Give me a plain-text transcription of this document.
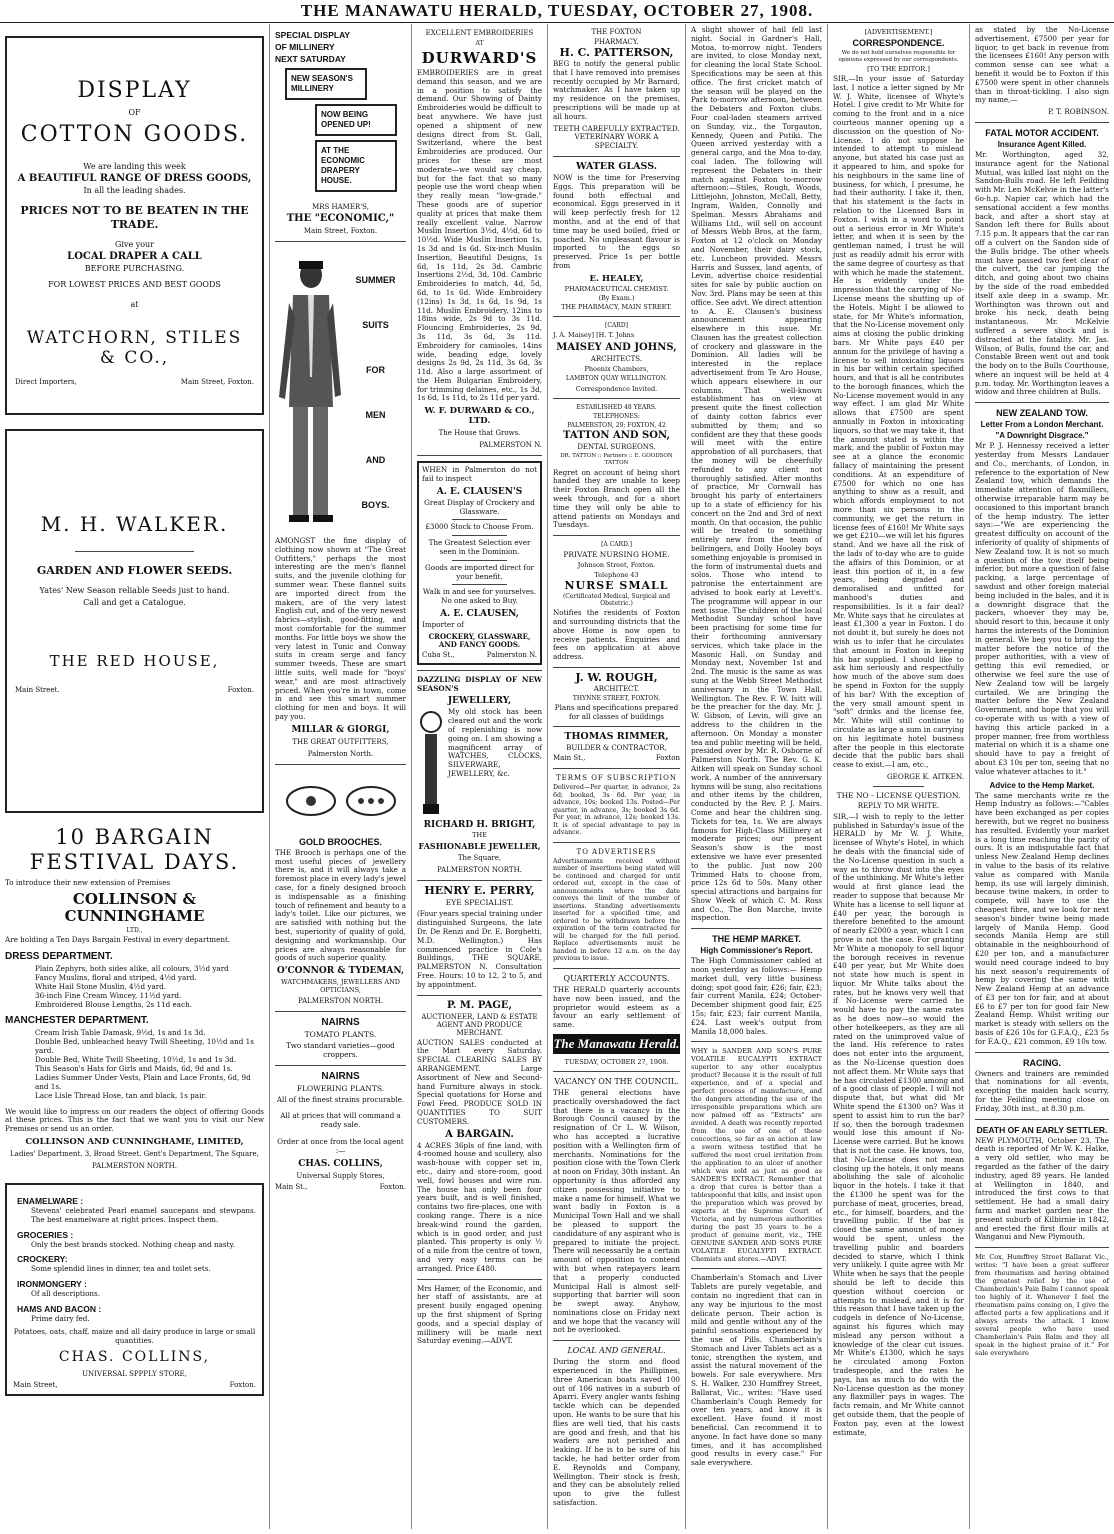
THE MANAWATU HERALD, TUESDAY, OCTOBER 27, 1908.
DISPLAY
OF
COTTON GOODS.
We are landing this week
A BEAUTIFUL RANGE OF DRESS GOODS,
In all the leading shades.
PRICES NOT TO BE BEATEN IN THE TRADE.
Give your
LOCAL DRAPER A CALL
BEFORE PURCHASING.
FOR LOWEST PRICES AND BEST GOODS
at
WATCHORN, STILES & CO.,
Direct Importers,	Main Street, Foxton.
M. H. WALKER.
GARDEN AND FLOWER SEEDS.
Yates' New Season reliable Seeds just to hand.
Call and get a Catalogue.
THE RED HOUSE,
Main Street.	Foxton.
10 BARGAIN FESTIVAL DAYS.
To introduce their new extension of Premises
COLLINSON & CUNNINGHAME
LTD.,
Are holding a Ten Days Bargain Festival in every department.
DRESS DEPARTMENT.
Plain Zephyrs, both sides alike, all colours, 3½d yard
Fancy Muslins, floral and striped, 4½d yard.
White Hail Stone Muslin, 4½d yard.
36-inch Fine Cream Wincey, 11½d yard.
Embroidered Blouse Lengths, 2s 11d each.
MANCHESTER DEPARTMENT.
Cream Irish Table Damask, 9½d, 1s and 1s 3d.
Double Bed, unbleached heavy Twill Sheeting, 10½d and 1s yard.
Double Bed, White Twill Sheeting, 10½d, 1s and 1s 3d.
This Season's Hats for Girls and Maids, 6d, 9d and 1s.
Ladies Summer Under Vests, Plain and Lace Fronts, 6d, 9d and 1s.
Lace Lisle Thread Hose, tan and black, 1s pair.
We would like to impress on our readers the object of offering Goods at these prices. This is the fact that we want you to visit our New Premises or send us an order.
COLLINSON AND CUNNINGHAME, LIMITED,
Ladies' Department, 3, Broad Street. Gent's Department, The Square,
PALMERSTON NORTH.
ENAMELWARE :
Stevens' celebrated Pearl enamel saucepans and stewpans. The best enamelware at right prices. Inspect them.
GROCERIES :
Only the best brands stocked. Nothing cheap and nasty.
CROCKERY:
Some splendid lines in dinner, tea and toilet sets.
IRONMONGERY :
Of all descriptions.
HAMS AND BACON :
Prime dairy fed.
Potatoes, oats, chaff, maize and all dairy produce in large or small quantities.
CHAS. COLLINS,
UNIVERSAL SPPPLY STORE,
Main Street,	Foxton.
SPECIAL DISPLAY
OF MILLINERY
NEXT SATURDAY
NEW SEASON'S MILLINERY
NOW BEING OPENED UP!
AT THE ECONOMIC DRAPERY HOUSE.
MRS HAMER'S,
THE "ECONOMIC,"
Main Street, Foxton.
SUMMER
SUITS
FOR
MEN
AND
BOYS.
AMONGST the fine display of clothing now shown at "The Great Outfitters," perhaps the most interesting are the men's flannel suits, and the juvenile clothing for summer wear. These flannel suits are imported direct from the makers, are of the very latest English cut, and of the very newest fabrics—stylish, good-fitting, and most comfortable for the summer months. For little boys we show the very latest in Tunic and Conway suits in cream serge and fancy summer tweeds. These are smart little suits, well made for "boys' wear," and are most attractively priced. When you're in town, come in and see this smart summer clothing for men and boys. It will pay you.
MILLAR & GIORGI,
THE GREAT OUTFITTERS,
Palmerston North.
GOLD BROOCHES.
THE Brooch is perhaps one of the most useful pieces of jewellery there is, and it will always take a foremost place in every lady's jewel case, for a finely designed brooch is indispensable as a finishing touch of refinement and beauty to a lady's toilet. Like our pictures, we are satisfied with nothing but the best, superiority of quality of gold, designing and workmanship. Our prices are always reasonable for goods of such superior quality.
O'CONNOR & TYDEMAN,
WATCHMAKERS, JEWELLERS AND OPTICIANS,
PALMERSTON NORTH.
NAIRNS
TOMATO PLANTS.
Two standard varieties—good croppers.
NAIRNS
FLOWERING PLANTS.
All of the finest strains procurable.
All at prices that will command a ready sale.
Order at once from the local agent :—
CHAS. COLLINS,
Universal Supply Stores,
Main St.,	Foxton.
EXCELLENT EMBROIDERIES
AT
DURWARD'S
EMBROIDERIES are in great demand this season, and we are in a position to satisfy the demand. Our Showing of Dainty Embroideries would be difficult to beat anywhere. We have just opened a shipment of new designs direct from St. Gall, Switzerland, where the best Embroideries are produced. Our prices for these are most moderate—we would say cheap, but for the fact that so many people use the word cheap when they really mean "low-grade." These goods are of superior quality at prices that make them really excellent value. Narrow Muslin Insertion 3½d, 4½d, 6d to 10½d. Wide Muslin Insertion 1s, 1s 3d and 1s 6d. Six-inch Muslin Insertion, Beautiful Designs, 1s 6d, 1s 11d, 2s 3d. Cambric Insertions 2½d, 3d, 10d. Cambric Embroideries to match, 4d, 5d, 6d, to 1s 6d. Wide Embroidery (12ins) 1s 3d, 1s 6d, 1s 9d, 1s 11d. Muslin Embroidery, 12ins to 18ins wide, 2s 9d to 3s 11d. Flouncing Embroideries, 2s 9d, 3s 11d, 3s 6d, 3s 11d. Embroidery for camisoles, 14ins wide, beading edge, lovely designs 2s 9d, 2s 11d, 3s 6d, 3s 11d. Also a large assortment of the Hem Bulgarian Embroidery, for trimming delaines, etc., 1s 3d, 1s 6d, 1s 11d, to 2s 11d per yard.
W. F. DURWARD & CO., LTD.
The House that Grows.
PALMERSTON N.
WHEN in Palmerston do not fail to inspect
A. E. CLAUSEN'S
Great Display of Crockery and Glassware.
£3000 Stock to Choose From.
The Greatest Selection ever seen in the Dominion.
Goods are imported direct for your benefit.
Walk in and see for yourselves. No one asked to Buy.
A. E. CLAUSEN,
Importer of
CROCKERY, GLASSWARE, AND FANCY GOODS.
Cuba St.,	Palmerston N.
DAZZLING DISPLAY OF NEW SEASON'S
JEWELLERY,
My old stock has been cleared out and the work of replenishing is now going on. I am showing a magnificent array of WATCHES, CLOCKS, SILVERWARE, JEWELLERY, &c.
RICHARD H. BRIGHT,
THE
FASHIONABLE JEWELLER,
The Square,
PALMERSTON NORTH.
HENRY E. PERRY,
EYE SPECIALIST.
(Four years special training under distinguished Surgeons, the late Dr. De Renzi and Dr. E. Borghetti, M.D. Wellington.) Has commenced practice in Cole's Buildings, THE SQUARE, PALMERSTON N. Consultation Free. Hours: 10 to 12, 2 to 5, and by appointment.
P. M. PAGE,
AUCTIONEER, LAND & ESTATE AGENT AND PRODUCE MERCHANT.
AUCTION SALES conducted at the Mart every Saturday. SPECIAL CLEARING SALES BY ARRANGEMENT. Large Assortment of New and Second-hand Furniture always in stock. Special quotations for Horse and Fowl Feed. PRODUCE SOLD IN QUANTITIES TO SUIT CUSTOMERS.
A BARGAIN.
4 ACRES 36pls of fine land, with 4-roomed house and scullery, also wash-house with copper set in, etc., dairy and store-room, good well, fowl houses and wire run. The house has only been four years built, and is well finished, contains two fire-places, one with cooking range. There is a nice break-wind round the garden, which is in good order, and just planted. This property is only ½ of a mile from the centre of town, and very easy terms can be arranged. Price £480.
Mrs Hamer, of the Economic, and her staff of assistants, are at present busily engaged opening up the first shipment of Spring goods, and a special display of millinery will be made next Saturday evening.—ADVT.
THE FOXTON
PHARMACY.
H. C. PATTERSON,
BEG to notify the general public that I have removed into premises recently occupied by Mr Barnard, watchmaker. As I have taken up my residence on the premises, prescriptions will be made up at all hours.
TEETH CAREFULLY EXTRACTED. VETERINARY WORK A SPECIALTY.
WATER GLASS.
NOW is the time for Preserving Eggs. This preparation will be found both effectual and economical. Eggs preserved in it will keep perfectly fresh for 12 months, and at the end of that time may be used boiled, fried or poached. No unpleasant flavour is imported to the eggs so preserved. Price 1s per bottle from
E. HEALEY,
PHARMACEUTICAL CHEMIST.
(By Exam.)
THE PHARMACY, MAIN STREET.
[CARD]
J. A. Maisey] [H. T. Johns
MAISEY AND JOHNS,
ARCHITECTS.
Phoenix Chambers,
LAMBTON QUAY WELLINGTON.
Correspondence Invited.
ESTABLISHED 48 YEARS.
TELEPHONES:
PALMERSTON, 29; FOXTON, 42
TATTON AND SON,
DENTAL SURGEONS.
DR. TATTON :: Partners :: E. GOODSON TATTON
Regret on account of being short handed they are unable to keep their Foxton Branch open all the week through, and for a short time they will only be able to attend patients on Mondays and Tuesdays.
[A CARD.]
PRIVATE NURSING HOME.
Johnson Street, Foxton.
Telephone 43
NURSE SMALL
(Certificated Medical, Surgical and Obstetric.)
Notifies the residents of Foxton and surrounding districts that the above Home is now open to receive patients. Enquiries and fees on application at above address.
J. W. ROUGH,
ARCHITECT.
THYNNE STREET, FOXTON.
Plans and specifications prepared for all classes of buildings
THOMAS RIMMER,
BUILDER & CONTRACTOR,
Main St.,	Foxton
TERMS OF SUBSCRIPTION
Delivered—Per quarter, in advance, 2s 6d; booked, 3s 6d. Per year, in advance, 10s; booked 13s. Posted—Per quarter, in advance, 3s; booked 3s 6d. Per year, in advance, 12s; booked 13s. It is of special advantage to pay in advance.
TO ADVERTISERS
Advertisements received without number of insertions being stated will be continued and charged for until ordered out, except in the case of announcements where the date conveys the limit of the number of insertions. Standing advertisements inserted for a specified time, and ordered to be withdrawn before the expiration of the term contracted for will be charged for the full period. Replace advertisements must be handed in before 12 a.m. on the day previous to issue.
QUARTERLY ACCOUNTS.
THE HERALD quarterly accounts have now been issued, and the proprietor would esteem as a favour an early settlement of same.
The Manawatu Herald.
TUESDAY, OCTOBER 27, 1908.
VACANCY ON THE COUNCIL.
THE general elections have practically overshadowed the fact that there is a vacancy in the Borough Council caused by the resignation of Cr L. W. Wilson, who has accepted a lucrative position with a Wellington firm of merchants. Nominations for the position close with the Town Clerk at noon on Friday, 30th instant. An opportunity is thus afforded any citizen possessing initiative to make a name for himself. What we want badly in Foxton is a Municipal Town Hall and we shall be pleased to support the candidature of any aspirant who is prepared to initiate the project. There will necessarily be a certain amount of opposition to contend with but when ratepayers learn that a properly conducted Municipal Hall is almost self-supporting that barrier will soon be swept away. Anyhow, nominations close on Friday next and we hope that the vacancy will not be overlooked.
LOCAL AND GENERAL.
During the storm and flood experienced in the Phillipines, three American boats saved 100 out of 106 natives in a suburb of Aparri. Every angler wants fishing tackle which can be depended upon. He wants to be sure that his flies are well tied, that his casts are good and fresh, and that his waders are not perished and leaking. If he is to be sure of his tackle, he had better order from E. Reynolds and Company, Wellington. Their stock is fresh, and they can be absolutely relied upon to give the fullest satisfaction.
A slight shower of hail fell last night. Social in Gardner's Hall, Motoa, to-morrow night. Tenders are invited, to close Monday next, for cleaning the local State School. Specifications may be seen at this office. The first cricket match of the season will be played on the Park to-morrow afternoon, between the Debaters and Foxton clubs. Four coal-laden steamers arrived on Sunday, viz., the Torgauton, Kennedy, Queen and Putiki. The Queen arrived yesterday with a general cargo, and the Moa to-day, coal laden. The following will represent the Debaters in their match against Foxton to-morrow afternoon:—Stiles, Rough, Woods, Littlejohn, Johnston, McCall, Betty, Ingram, Walden, Connolly and Spelman. Messrs Abrahams and Williams Ltd., will sell on account of Messrs Webb Bros, at the farm, Foxton at 12 o'clock on Monday and November, their dairy stock, etc. Luncheon provided. Messrs Harris and Sussex, land agents, of Levin, advertise choice residential sites for sale by public auction on Nov. 3rd. Plans may be seen at this office. See advt. We direct attention to A. E. Clausen's business announcement appearing elsewhere in this issue. Mr. Clausen has the greatest collection of crockery and glassware in the Dominion. All ladies will be interested in the replace advertisement from Te Aro House, which appears elsewhere in our columns. That well-known establishment has on view at present quite the finest collection of dainty cotton fabrics ever submitted by them; and so confident are they that these goods will meet with the entire approbation of all purchasers, that the money will be cheerfully refunded to any client not thoroughly satisfied. After months of practice, Mr Cornwall has brought his party of entertainers up to a state of efficiency for his concert on the 2nd and 3rd of next month. On that occasion, the public will be treated to something entirely new from the team of bellringers, and Dolly Hooley boys something enjoyable is promised in the form of instrumental duets and solos. Those who intend to patronise the entertainment are advised to book early at Levett's. The programme will appear in our next issue. The children of the local Methodist Sunday school have been practising for some time for their forthcoming anniversary services, which take place in the Masonic Hall, on Sunday and Monday next, November 1st and 2nd. The music is the same as was sung at the Webb Street Methodist anniversary in the Town Hall, Wellington. The Rev. F. W. Isitt will be the preacher for the day. Mr. J. W. Gibson, of Levin, will give an address to the children in the afternoon. On Monday a monster tea and public meeting will be held, presided over by Mr. R. Osborne of Palmerston North. The Rev. G. K. Aitken will speak on Sunday school work. A number of the anniversary hymns will be sung, also recitations and other items by the children, conducted by the Rev. P. J. Mairs. Come and hear the children sing. Tickets for tea, 1s. We are always famous for High-Class Millinery at moderate prices; our present Season's show is the most extensive we have ever presented to the public. Just now 200 Trimmed Hats to choose from, price 12s 6d to 50s. Many other special attractions and bargains for Show Week of which C. M. Ross and Co., The Bon Marche, invite inspection.
THE HEMP MARKET.
High Commissioner's Report.
The High Commissioner cabled at noon yesterday as follows:— Hemp market dull, very little business doing; spot good fair, £26; fair, £23; fair current Manila, £24; October-December shipment good fair, £25 15s; fair, £23; fair current Manila, £24. Last week's output from Manila 18,000 bales.
WHY is SANDER AND SON'S PURE VOLATILE EUCALYPTI EXTRACT superior to any other eucalyptus product? Because it is the result of full experience, and of a special and perfect process of manufacture, and the dangers attending the use of the irresponsible preparations which are now palmed off as "Extracts" are avoided. A death was recently reported from the use of one of these concoctions, so far as an action at law a sworn witness testified that he suffered the most cruel irritation from the application to an ulcer of another which was sold as just as good as SANDER'S EXTRACT. Remember that a drop that cures is better than a tablespoonful that kills, and insist upon the preparation which was proved by experts at the Supreme Court of Victoria, and by numerous authorities during the past 35 years to be a product of genuine merit, viz., THE GENUINE SANDER AND SONS PURE VOLATILE EUCALYPTI EXTRACT. Chemists and stores.—ADVT.
Chamberlain's Stomach and Liver Tablets are purely vegetable, and contain no ingredient that can in any way be injurious to the most delicate person. Their action is mild and gentle without any of the painful sensations experienced by the use of Pills. Chamberlain's Stomach and Liver Tablets act as a tonic, strengthen the system, and assist the natural movement of the bowels. For sale everywhere. Mrs S. H. Walker, 230 Humffrey Street, Ballarat, Vic., writes: "Have used Chamberlain's Cough Remedy for over ten years, and know it is excellent. Have found it most beneficial. Can recommend it to anyone. In fact have done so many times, and it has accomplished good results in every case." For sale everywhere.
[ADVERTISEMENT.]
CORRESPONDENCE.
We do not hold ourselves responsible for opinions expressed by our correspondents.
[TO THE EDITOR.]
SIR,—In your issue of Saturday last, I notice a letter signed by Mr W. J. White, licensee of Whyte's Hotel. I give credit to Mr White for coming to the front and in a nice courteous manner opening up a discussion on the question of No-License. I do not suppose he intended to attempt to mislead anyone, but stated his case just as it appeared to him, and spoke for his neighbours in the same line of business, for which, I presume, he had their authority. I take it, then, that his statement is the facts in relation to the Licensed Bars in Foxton. I wish in a word to point out a serious error in Mr White's letter, and when it is seen by the gentleman named, I trust he will just as readily admit his error with the same degree of courtesy as that with which he made the statement. He is evidently under the impression that the carrying of No-License means the shutting up of the Hotels. Might I be allowed to state, for Mr White's information, that the No-License movement only aims at closing the public drinking bars. Mr White pays £40 per annum for the privilege of having a license to sell intoxicating liquors in his bar within certain specified hours, and that is all he contributes to the borough finances, which the No-License movement would in any way effect. I am glad Mr White allows that £7500 are spent annually in Foxton in intoxicating liquors, so that we may take it, that the amount stated is within the mark, and the public of Foxton may see at a glance the economic fallacy of maintaining the present conditions. At an expenditure of £7500 for which no one has anything to show as a result, and which affords employment to not more than six persons in the community, we get the return in license fees of £160! Mr White says we get £210—we will let his figures stand. And we have all the risk of the lads of to-day who are to guide the affairs of this Dominion, or at least this portion of it, in a few years, being degraded and demoralised and unfitted for manhood's duties and responsibilities. Is it a fair deal? Mr. White says that he circulates at least £1,300 a year in Foxton. I do not doubt it, but surely he does not wish us to infer that he circulates that amount in Foxton in keeping his bar supplied. I should like to ask him seriously and respectfully how much of the above sum does he spend in Foxton for the supply of his bar? With the exception of the very small amount spent in "soft" drinks and the license fee, Mr. White will still continue to circulate as large a sum in carrying on his legitimate hotel business after the people in this electorate decide that the public bars shall cease to exist.—I am, etc.,
GEORGE K. AITKEN.
THE NO - LICENSE QUESTION.
REPLY TO MR WHITE.
SIR,—I wish to reply to the letter published in Saturday's issue of the HERALD by Mr W. J. White, licensee of Whyte's Hotel, in which he deals with the financial side of the No-License question in such a way as to throw dust into the eyes of the unthinking. Mr White's letter would at first glance lead the reader to suppose that because Mr White has a license to sell liquor at £40 per year, the borough is therefore benefited to the amount of nearly £2000 a year, which I can prove is not the case. For granting Mr White a monopoly to sell liquor the borough receives in revenue £40 per year, but Mr White does not state how much is spent in liquor. Mr White talks about the rates, but he knows very well that if No-License were carried he would have to pay the same rates as he does now—so would the other hotelkeepers, as they are all rated on the unimproved value of the land. His reference to rates does not enter into the argument, as the No-License question does not affect them. Mr White says that he has circulated £1300 among and of a good class of people. I will not dispute that, but what did Mr White spend the £1300 on? Was it spent to assist him to run the bar? If so, then the borough tradesmen would lose this amount if No-License were carried. But he knows that is not the case. He knows, too, that No-License does not mean closing up the hotels, it only means abolishing the sale of alcoholic liquor in the hotels. I take it that the £1300 he spent was for the purchase of meat, groceries, bread, etc., for himself, boarders, and the travelling public. If the bar is closed the same amount of money would be spent, unless the travelling public and boarders decided to starve, which I think very unlikely. I quite agree with Mr White when he says that the people should be left to decide this question without coercion or attempts to mislead, and it is for this reason that I have taken up the cudgels in defence of No-License, against his figures which may mislead any person without a knowledge of the clear cut issues. Mr White's £1300, which he says he circulated among Foxton tradespeople, and the rates he pays, has as much to do with the No-License question as the money any flaxmiller pays in wages. The facts remain, and Mr White cannot get outside them, that the people of Foxton pay, even at the lowest estimate,
as stated by the No-License advertisement, £7500 per year for liquor, to get back in revenue from the licensees £160! Any person with common sense can see what a benefit it would be to Foxton if this £7500 were spent in other channels than in throat-tickling. I also sign my name,—
P. T. ROBINSON.
FATAL MOTOR ACCIDENT.
Insurance Agent Killed.
Mr. Worthington, aged 32, insurance agent for the National Mutual, was killed last night on the Sandon-Bulls road. He left Feilding with Mr. Len McKelvie in the latter's 6o-h.p. Napier car, which had the sensational accident a few months back, and after a short stay at Sandon left there for Bulls about 7.15 p.m. It appears that the car ran off a culvert on the Sandon side of the Bulls bridge. The other wheels must have passed two feet clear of the culvert, the car jumping the ditch, and going about two chains by the side of the road embedded itself axle deep in a swamp. Mr. Worthington was thrown out and broke his neck, death being instantaneous. Mr. McKelvie suffered a severe shock and is distracted at the fatality. Mr. Jas. Wilson, of Bulls, found the car, and Constable Breen went out and took the body on to the Bulls Courthouse, where an inquest will be held at 4 p.m. today. Mr. Worthington leaves a widow and three children at Bulls.
NEW ZEALAND TOW.
Letter From a London Merchant.
"A Downright Disgrace."
Mr P. J. Hennessy received a letter yesterday from Messrs Landauer and Co., merchants, of London, in reference to the exportation of New Zealand tow, which demands the immediate attention of flaxmillers, otherwise irreparable harm may be occasioned to this important branch of the hemp industry. The letter says:—"We are experiencing the greatest difficulty on account of the inferiority of quality of shipments of New Zealand tow. It is not so much a question of the tow itself being inferior, but more a question of false packing, a large percentage of sawdust and other foreign material being included in the bales, and it is a downright disgrace that the packers, whoever they may be, should resort to this, because it only harms the interests of the Dominion in general. We beg you to bring the matter before the notice of the proper authorities, with a view of getting this evil remedied, or otherwise we feel sure the use of New Zealand tow will be largely curtailed. We are bringing the matter before the New Zealand Government, and hope that you will co-operate with us with a view of having this article packed in a proper manner, free from worthless material on which it is a shame one should have to pay a freight of about £3 10s per ton, seeing that no value whatever attaches to it."
Advice to the Hemp Market.
The same merchants write re the Hemp Industry as follows:—"Cables have been exchanged as per copies herewith, but we regret no business has resulted. Evidently your market is a long time reaching the parity of ours. It is an indisputable fact that unless New Zealand Hemp declines in value to the basis of its relative value as compared with Manila hemp, its use will largely diminish, because twine makers, in order to compete, will have to use the cheapest fibre, and we look for next season's binder twine being made largely of Manila Hemp. Good seconds Manila Hemp are still obtainable in the neighbourhood of £20 per ton, and a manufacturer would need courage indeed to buy his next season's requirements of hemp by covering the same with New Zealand Hemp at an advance of £3 per ton for fair, and at about £6 to £7 per ton for good fair New Zealand Hemp. Whilst writing our market is steady with sellers on the basis of £26 10s for G.F.A.Q., £23 5s for F.A.Q., £21 common, £9 10s tow.
RACING.
Owners and trainers are reminded that nominations for all events, excepting the maiden hack scurry, for the Feilding meeting close on Friday, 30th inst., at 8.30 p.m.
DEATH OF AN EARLY SETTLER.
NEW PLYMOUTH, October 23. The death is reported of Mr W. K. Halke, a very old settler, who may be regarded as the father of the dairy industry, aged 89 years. He landed at Wellington in 1840, and introduced the first cows to that settlement. He had a small dairy farm and market garden near the present suburb of Kilbirnie in 1842, and erected the first flour mills at Wanganui and New Plymouth.
Mr. Cox, Humffrey Street Ballarat Vic., writes: "I have been a great sufferer from rheumatism and having obtained the greatest relief by the use of Chamberlain's Pain Balm I cannot speak too highly of it. Whenever I feel the rheumatism pains coming on, I give the affected parts a few applications and it always arrests the attack. I know several people who have used Chamberlain's Pain Balm and they all speak in the highest praise of it." For sale everywhere
